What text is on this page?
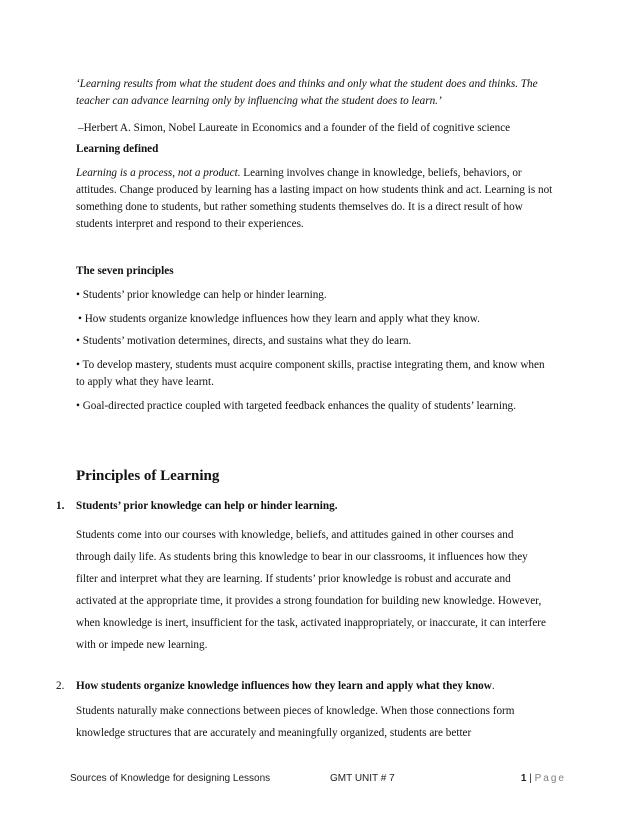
‘Learning results from what the student does and thinks and only what the student does and thinks. The teacher can advance learning only by influencing what the student does to learn.’
–Herbert A. Simon, Nobel Laureate in Economics and a founder of the field of cognitive science
Learning defined
Learning is a process, not a product. Learning involves change in knowledge, beliefs, behaviors, or attitudes. Change produced by learning has a lasting impact on how students think and act. Learning is not something done to students, but rather something students themselves do. It is a direct result of how students interpret and respond to their experiences.
The seven principles
• Students’ prior knowledge can help or hinder learning.
• How students organize knowledge influences how they learn and apply what they know.
• Students’ motivation determines, directs, and sustains what they do learn.
• To develop mastery, students must acquire component skills, practise integrating them, and know when to apply what they have learnt.
• Goal-directed practice coupled with targeted feedback enhances the quality of students’ learning.
Principles of Learning
1. Students’ prior knowledge can help or hinder learning.
Students come into our courses with knowledge, beliefs, and attitudes gained in other courses and through daily life. As students bring this knowledge to bear in our classrooms, it influences how they filter and interpret what they are learning. If students’ prior knowledge is robust and accurate and activated at the appropriate time, it provides a strong foundation for building new knowledge. However, when knowledge is inert, insufficient for the task, activated inappropriately, or inaccurate, it can interfere with or impede new learning.
2. How students organize knowledge influences how they learn and apply what they know.
Students naturally make connections between pieces of knowledge. When those connections form knowledge structures that are accurately and meaningfully organized, students are better
Sources of Knowledge for designing Lessons	GMT UNIT # 7	1 | Page
